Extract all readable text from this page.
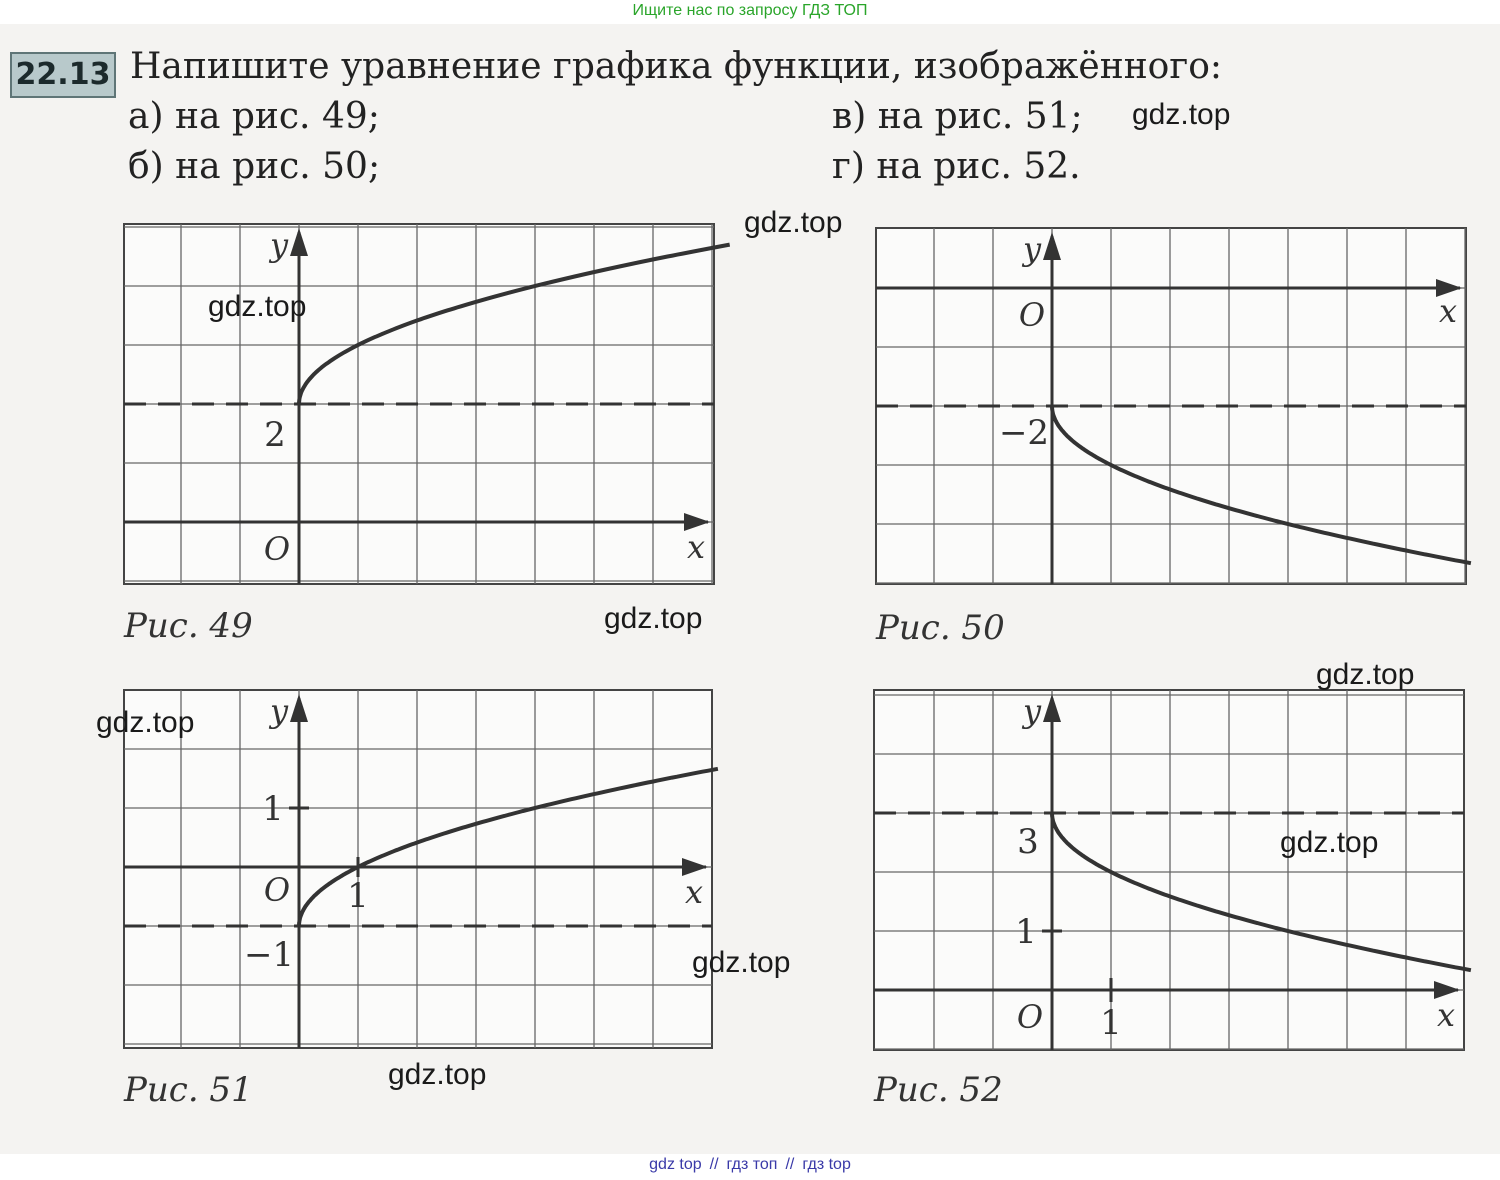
Ищите нас по запросу ГДЗ ТОП
22.13 Напишите уравнение графика функции, изображённого:
а) на рис. 49;
б) на рис. 50;
в) на рис. 51;
г) на рис. 52.
x
y
O
2
Рис. 49
x
y
O
−2
Рис. 50
x
y
O
−1
1
1
Рис. 51
x
y
O
3
1
1
Рис. 52
gdz.top
gdz.top
gdz.top
gdz.top
gdz.top
gdz.top
gdz.top
gdz.top
gdz.top
gdz top // гдз топ // гдз top
